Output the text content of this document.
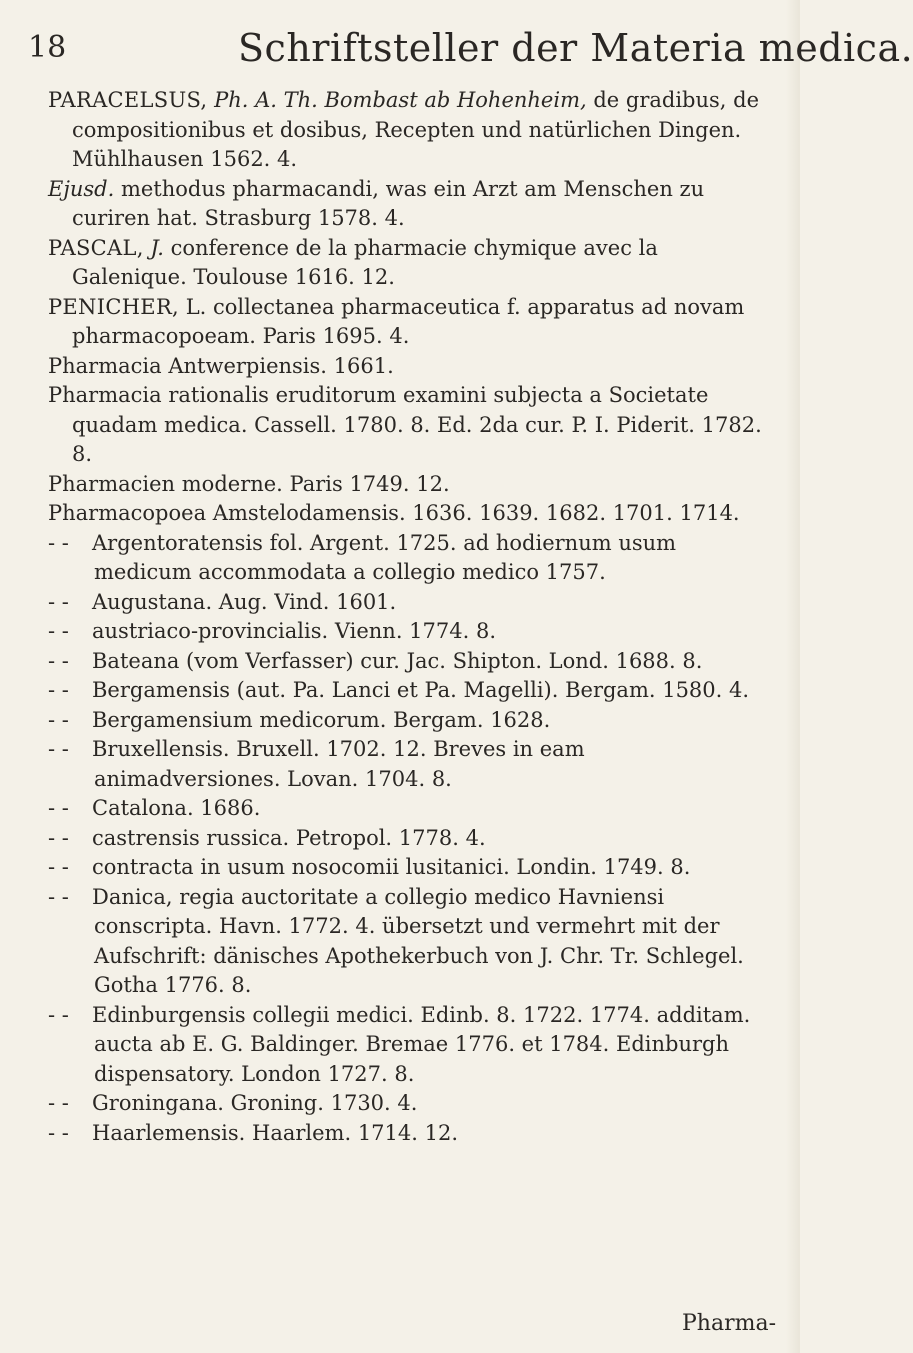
18	Schriftsteller der Materia medica.

PARACELSUS, Ph. A. Th. Bombast ab Hohenheim, de gradibus, de compositionibus et dosibus, Recepten und natürlichen Dingen. Mühlhausen 1562. 4.

Ejusd. methodus pharmacandi, was ein Arzt am Menschen zu curiren hat. Strasburg 1578. 4.

PASCAL, J. conference de la pharmacie chymique avec la Galenique. Toulouse 1616. 12.

PENICHER, L. collectanea pharmaceutica f. apparatus ad novam pharmacopoeam. Paris 1695. 4.

Pharmacia Antwerpiensis. 1661.

Pharmacia rationalis eruditorum examini subjecta a Societate quadam medica. Cassell. 1780. 8. Ed. 2da cur. P. I. Piderit. 1782. 8.

Pharmacien moderne. Paris 1749. 12.

Pharmacopoea Amstelodamensis. 1636. 1639. 1682. 1701. 1714.

- - Argentoratensis fol. Argent. 1725. ad hodiernum usum medicum accommodata a collegio medico 1757.

- - Augustana. Aug. Vind. 1601.

- - austriaco-provincialis. Vienn. 1774. 8.

- - Bateana (vom Verfasser) cur. Jac. Shipton. Lond. 1688. 8.

- - Bergamensis (aut. Pa. Lanci et Pa. Magelli). Bergam. 1580. 4.

- - Bergamensium medicorum. Bergam. 1628.

- - Bruxellensis. Bruxell. 1702. 12. Breves in eam animadversiones. Lovan. 1704. 8.

- - Catalona. 1686.

- - castrensis russica. Petropol. 1778. 4.

- - contracta in usum nosocomii lusitanici. Londin. 1749. 8.

- - Danica, regia auctoritate a collegio medico Havniensi conscripta. Havn. 1772. 4. übersetzt und vermehrt mit der Aufschrift: dänisches Apothekerbuch von J. Chr. Tr. Schlegel. Gotha 1776. 8.

- - Edinburgensis collegii medici. Edinb. 8. 1722. 1774. additam. aucta ab E. G. Baldinger. Bremae 1776. et 1784. Edinburgh dispensatory. London 1727. 8.

- - Groningana. Groning. 1730. 4.

- - Haarlemensis. Haarlem. 1714. 12.

Pharma-
